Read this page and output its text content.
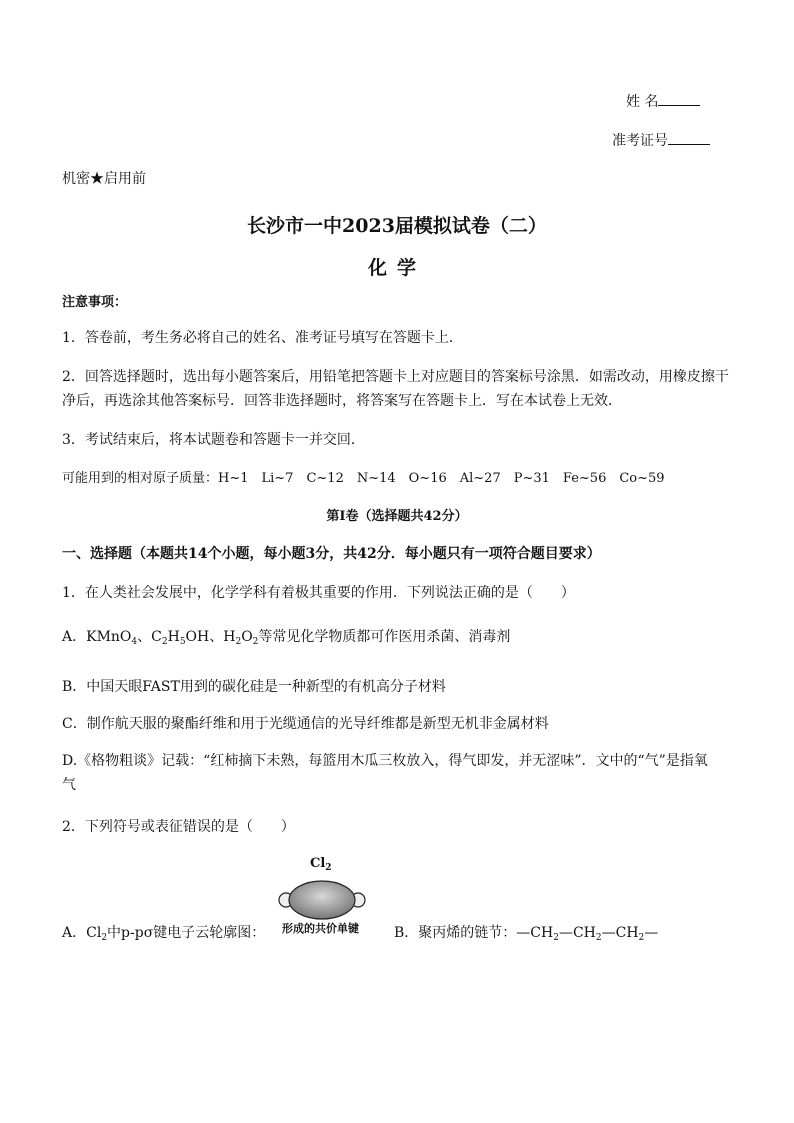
姓 名
准考证号
机密★启用前
长沙市一中2023届模拟试卷（二）
化学
注意事项：
1．答卷前，考生务必将自己的姓名、准考证号填写在答题卡上．
2．回答选择题时，选出每小题答案后，用铅笔把答题卡上对应题目的答案标号涂黑．如需改动，用橡皮擦干
净后，再选涂其他答案标号．回答非选择题时，将答案写在答题卡上．写在本试卷上无效．
3．考试结束后，将本试题卷和答题卡一并交回．
可能用到的相对原子质量：H~1　Li~7　C~12　N~14　O~16　Al~27　P~31　Fe~56　Co~59
第Ⅰ卷（选择题共42分）
一、选择题（本题共14个小题，每小题3分，共42分．每小题只有一项符合题目要求）
1．在人类社会发展中，化学学科有着极其重要的作用．下列说法正确的是（　　）
A．KMnO$_4$、$C_2H_5OH$、$H_2O_2$等常见化学物质都可作医用杀菌、消毒剂
B．中国天眼FAST用到的碳化硅是一种新型的有机高分子材料
C．制作航天服的聚酯纤维和用于光缆通信的光导纤维都是新型无机非金属材料
D.《格物粗谈》记载：“红柿摘下未熟，每篮用木瓜三枚放入，得气即发，并无涩味”．文中的“气”是指氧
气
2．下列符号或表征错误的是（　　）
$Cl_2$
形成的共价单键
A．$Cl_2$中p-pσ键电子云轮廓图：	B．聚丙烯的链节：$—CH_2—CH_2—CH_2—$
